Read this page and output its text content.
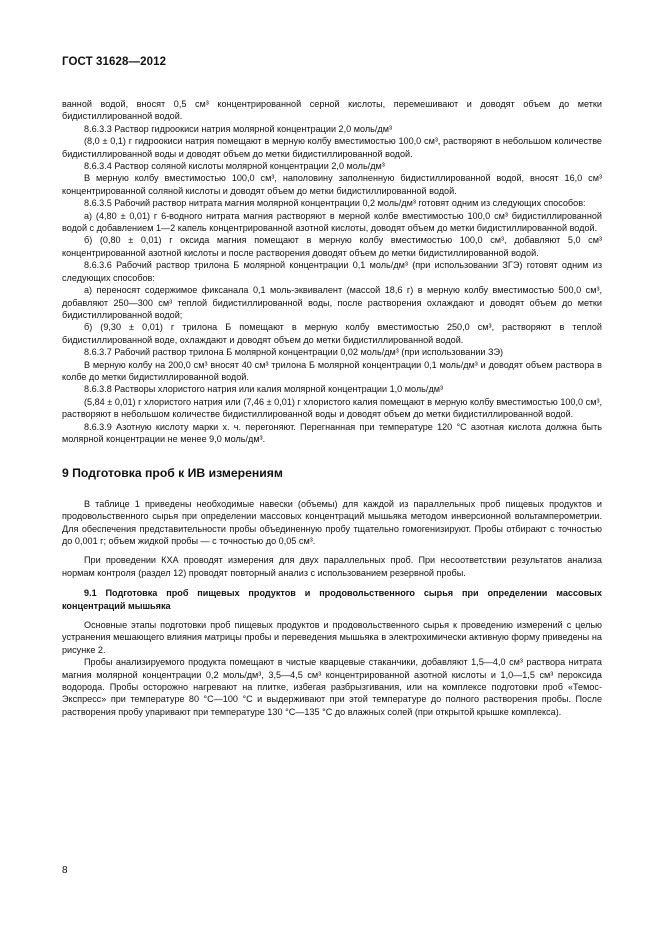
ГОСТ 31628—2012

ванной водой, вносят 0,5 см³ концентрированной серной кислоты, перемешивают и доводят объем до метки бидистиллированной водой.

8.6.3.3 Раствор гидроокиси натрия молярной концентрации 2,0 моль/дм³

(8,0 ± 0,1) г гидроокиси натрия помещают в мерную колбу вместимостью 100,0 см³, растворяют в небольшом количестве бидистиллированной воды и доводят объем до метки бидистиллированной водой.

8.6.3.4 Раствор соляной кислоты молярной концентрации 2,0 моль/дм³

В мерную колбу вместимостью 100,0 см³, наполовину заполненную бидистиллированной водой, вносят 16,0 см³ концентрированной соляной кислоты и доводят объем до метки бидистиллированной водой.

8.6.3.5 Рабочий раствор нитрата магния молярной концентрации 0,2 моль/дм³ готовят одним из следующих способов:

а) (4,80 ± 0,01) г 6-водного нитрата магния растворяют в мерной колбе вместимостью 100,0 см³ бидистиллированной водой с добавлением 1—2 капель концентрированной азотной кислоты, доводят объем до метки бидистиллированной водой.

б) (0,80 ± 0,01) г оксида магния помещают в мерную колбу вместимостью 100,0 см³, добавляют 5,0 см³ концентрированной азотной кислоты и после растворения доводят объем до метки бидистиллированной водой.

8.6.3.6 Рабочий раствор трилона Б молярной концентрации 0,1 моль/дм³ (при использовании ЗГЭ) готовят одним из следующих способов:

а) переносят содержимое фиксанала 0,1 моль-эквивалент (массой 18,6 г) в мерную колбу вместимостью 500,0 см³, добавляют 250—300 см³ теплой бидистиллированной воды, после растворения охлаждают и доводят объем до метки бидистиллированной водой;

б) (9,30 ± 0,01) г трилона Б помещают в мерную колбу вместимостью 250,0 см³, растворяют в теплой бидистиллированной воде, охлаждают и доводят объем до метки бидистиллированной водой.

8.6.3.7 Рабочий раствор трилона Б молярной концентрации 0,02 моль/дм³ (при использовании ЗЭ)

В мерную колбу на 200,0 см³ вносят 40 см³ трилона Б молярной концентрации 0,1 моль/дм³ и доводят объем раствора в колбе до метки бидистиллированной водой.

8.6.3.8 Растворы хлористого натрия или калия молярной концентрации 1,0 моль/дм³

(5,84 ± 0,01) г хлористого натрия или (7,46 ± 0,01) г хлористого калия помещают в мерную колбу вместимостью 100,0 см³, растворяют в небольшом количестве бидистиллированной воды и доводят объем до метки бидистиллированной водой.

8.6.3.9 Азотную кислоту марки х. ч. перегоняют. Перегнанная при температуре 120 °С азотная кислота должна быть молярной концентрации не менее 9,0 моль/дм³.

9 Подготовка проб к ИВ измерениям

В таблице 1 приведены необходимые навески (объемы) для каждой из параллельных проб пищевых продуктов и продовольственного сырья при определении массовых концентраций мышьяка методом инверсионной вольтамперометрии. Для обеспечения представительности пробы объединенную пробу тщательно гомогенизируют. Пробы отбирают с точностью до 0,001 г; объем жидкой пробы — с точностью до 0,05 см³.

При проведении КХА проводят измерения для двух параллельных проб. При несоответствии результатов анализа нормам контроля (раздел 12) проводят повторный анализ с использованием резервной пробы.

9.1 Подготовка проб пищевых продуктов и продовольственного сырья при определении массовых концентраций мышьяка

Основные этапы подготовки проб пищевых продуктов и продовольственного сырья к проведению измерений с целью устранения мешающего влияния матрицы пробы и переведения мышьяка в электрохимически активную форму приведены на рисунке 2.

Пробы анализируемого продукта помещают в чистые кварцевые стаканчики, добавляют 1,5—4,0 см³ раствора нитрата магния молярной концентрации 0,2 моль/дм³, 3,5—4,5 см³ концентрированной азотной кислоты и 1,0—1,5 см³ пероксида водорода. Пробы осторожно нагревают на плитке, избегая разбрызгивания, или на комплексе подготовки проб «Темос-Экспресс» при температуре 80 °С—100 °С и выдерживают при этой температуре до полного растворения пробы. После растворения пробу упаривают при температуре 130 °С—135 °С до влажных солей (при открытой крышке комплекса).

8
